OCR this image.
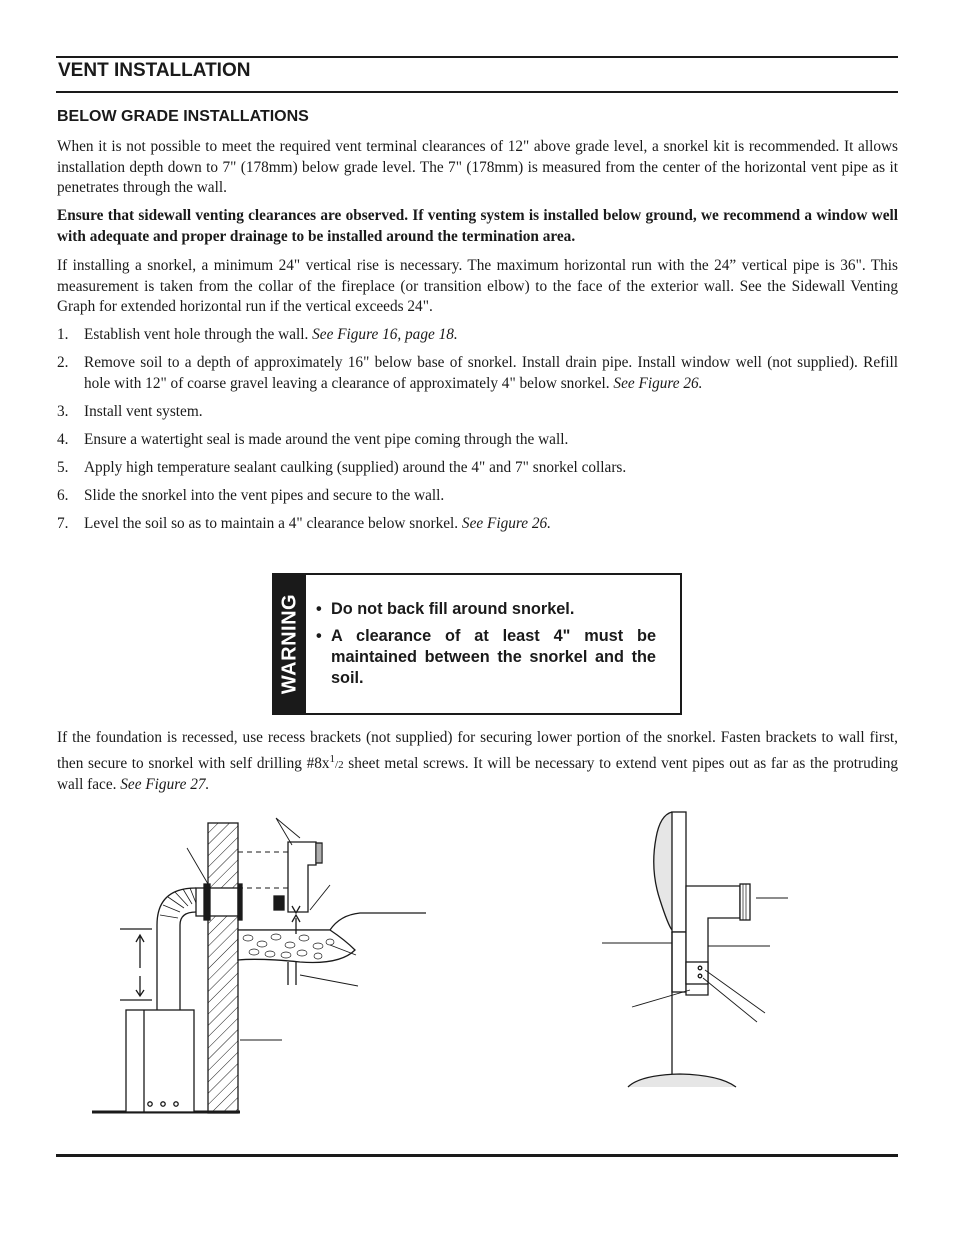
VENT INSTALLATION
BELOW GRADE INSTALLATIONS

When it is not possible to meet the required vent terminal clearances of 12" above grade level, a snorkel kit is recommended. It allows installation depth down to 7" (178mm) below grade level. The 7" (178mm) is measured from the center of the horizontal vent pipe as it penetrates through the wall.

Ensure that sidewall venting clearances are observed. If venting system is installed below ground, we recommend a window well with adequate and proper drainage to be installed around the termination area.

If installing a snorkel, a minimum 24" vertical rise is necessary. The maximum horizontal run with the 24” vertical pipe is 36". This measurement is taken from the collar of the fireplace (or transition elbow) to the face of the exterior wall. See the Sidewall Venting Graph for extended horizontal run if the vertical exceeds 24".

1. Establish vent hole through the wall. See Figure 16, page 18.
2. Remove soil to a depth of approximately 16" below base of snorkel. Install drain pipe. Install window well (not supplied). Refill hole with 12" of coarse gravel leaving a clearance of approximately 4" below snorkel. See Figure 26.
3. Install vent system.
4. Ensure a watertight seal is made around the vent pipe coming through the wall.
5. Apply high temperature sealant caulking (supplied) around the 4" and 7" snorkel collars.
6. Slide the snorkel into the vent pipes and secure to the wall.
7. Level the soil so as to maintain a 4" clearance below snorkel. See Figure 26.
WARNING • Do not back fill around snorkel.
• A clearance of at least 4" must be maintained between the snorkel and the soil.

If the foundation is recessed, use recess brackets (not supplied) for securing lower portion of the snorkel. Fasten brackets to wall first, then secure to snorkel with self drilling $\#8x^1/2$ sheet metal screws. It will be necessary to extend vent pipes out as far as the protruding wall face. See Figure 27.
